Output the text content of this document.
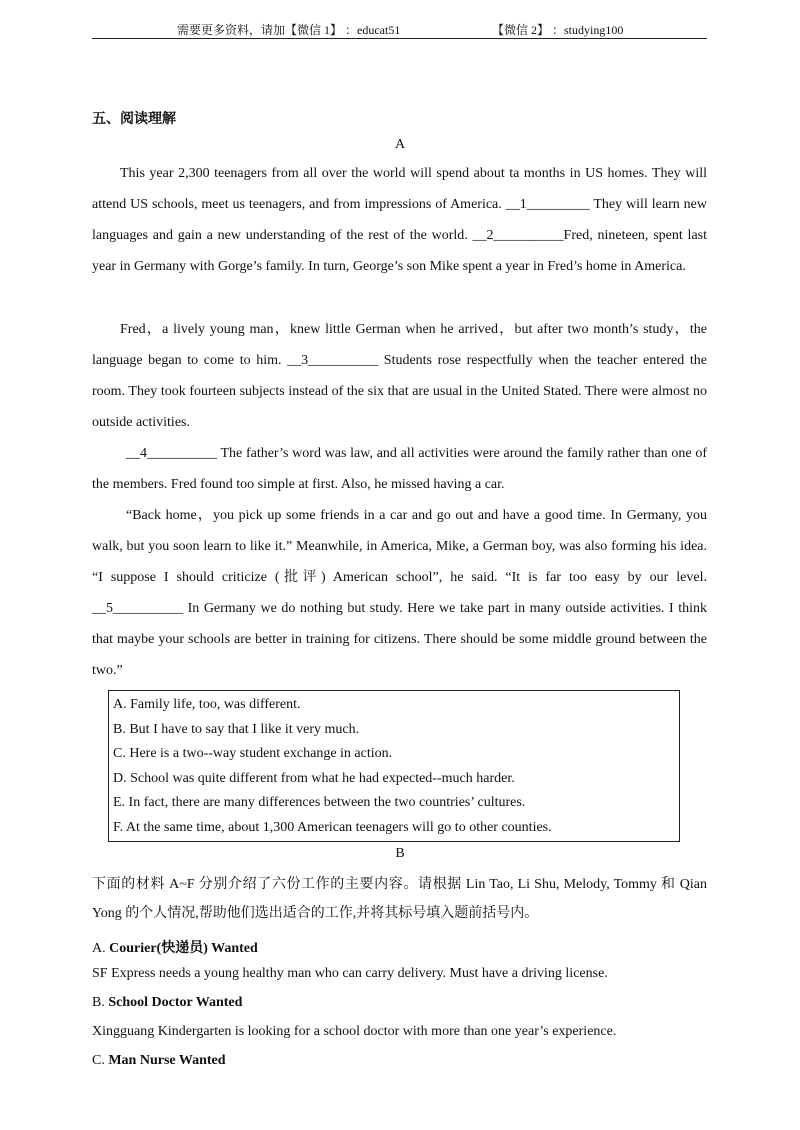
需要更多资料，请加【微信 1】 ：educat51	【微信 2】 ：studying100
五、阅读理解
A
This year 2,300 teenagers from all over the world will spend about ta months in US homes. They will attend US schools, meet us teenagers, and from impressions of America. __1_________ They will learn new languages and gain a new understanding of the rest of the world. __2__________Fred, nineteen, spent last year in Germany with Gorge’s family. In turn, George’s son Mike spent a year in Fred’s home in America.
Fred，a lively young man，knew little German when he arrived，but after two month’s study，the language began to come to him. __3__________ Students rose respectfully when the teacher entered the room. They took fourteen subjects instead of the six that are usual in the United Stated. There were almost no outside activities.
__4__________ The father’s word was law, and all activities were around the family rather than one of the members. Fred found too simple at first. Also, he missed having a car.
“Back home，you pick up some friends in a car and go out and have a good time. In Germany, you walk, but you soon learn to like it.” Meanwhile, in America, Mike, a German boy, was also forming his idea. “I suppose I should criticize (批评) American school”, he said. “It is far too easy by our level. __5__________ In Germany we do nothing but study. Here we take part in many outside activities. I think that maybe your schools are better in training for citizens. There should be some middle ground between the two.”
A. Family life, too, was different.
B. But I have to say that I like it very much.
C. Here is a two--way student exchange in action.
D. School was quite different from what he had expected--much harder.
E. In fact, there are many differences between the two countries’ cultures.
F. At the same time, about 1,300 American teenagers will go to other counties.
B
下面的材料 A~F 分别介绍了六份工作的主要内容。请根据 Lin Tao, Li Shu, Melody, Tommy 和 Qian Yong 的个人情况,帮助他们选出适合的工作,并将其标号填入题前括号内。
A. Courier(快递员) Wanted
SF Express needs a young healthy man who can carry delivery. Must have a driving license.
B. School Doctor Wanted
Xingguang Kindergarten is looking for a school doctor with more than one year’s experience.
C. Man Nurse Wanted
